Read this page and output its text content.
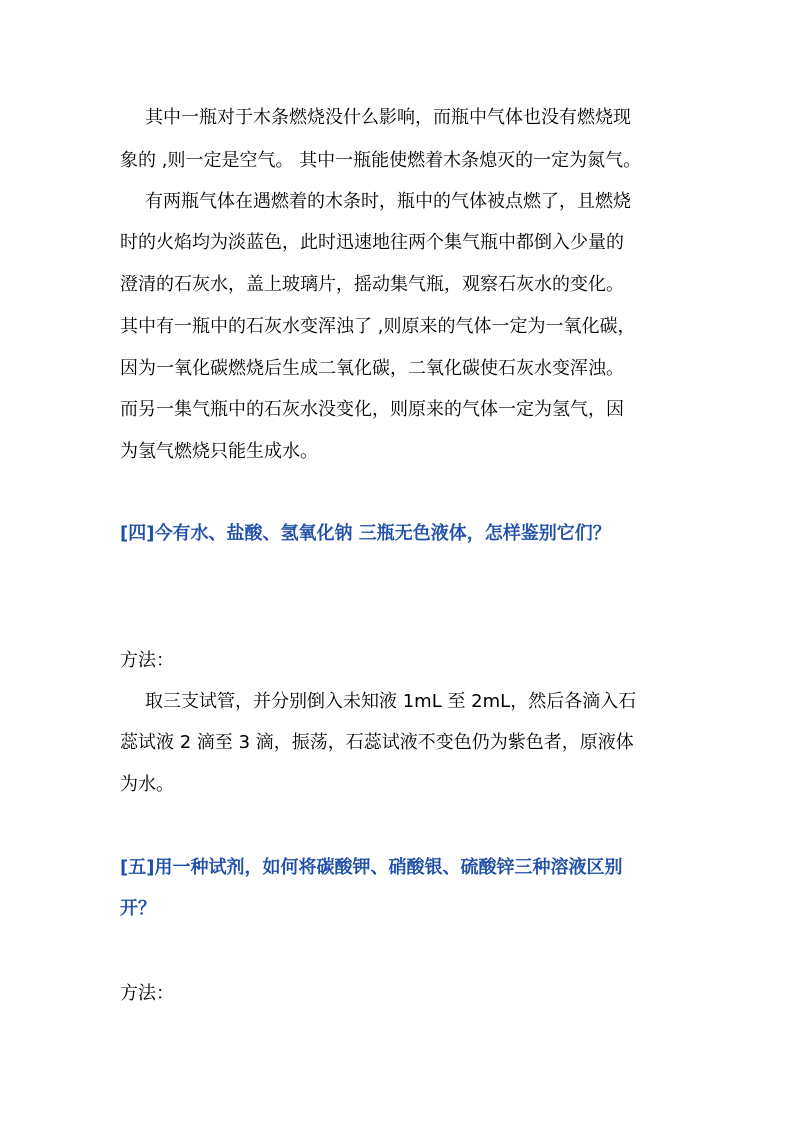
其中一瓶对于木条燃烧没什么影响，而瓶中气体也没有燃烧现
象的 ,则一定是空气。 其中一瓶能使燃着木条熄灭的一定为氮气。
有两瓶气体在遇燃着的木条时，瓶中的气体被点燃了，且燃烧
时的火焰均为淡蓝色，此时迅速地往两个集气瓶中都倒入少量的
澄清的石灰水，盖上玻璃片，摇动集气瓶，观察石灰水的变化。
其中有一瓶中的石灰水变浑浊了 ,则原来的气体一定为一氧化碳，
因为一氧化碳燃烧后生成二氧化碳，二氧化碳使石灰水变浑浊。
而另一集气瓶中的石灰水没变化，则原来的气体一定为氢气，因
为氢气燃烧只能生成水。
[四]今有水、盐酸、氢氧化钠 三瓶无色液体，怎样鉴别它们？
方法：
取三支试管，并分别倒入未知液 1mL 至 2mL，然后各滴入石
蕊试液 2 滴至 3 滴，振荡，石蕊试液不变色仍为紫色者，原液体
为水。
[五]用一种试剂，如何将碳酸钾、硝酸银、硫酸锌三种溶液区别
开？
方法：
